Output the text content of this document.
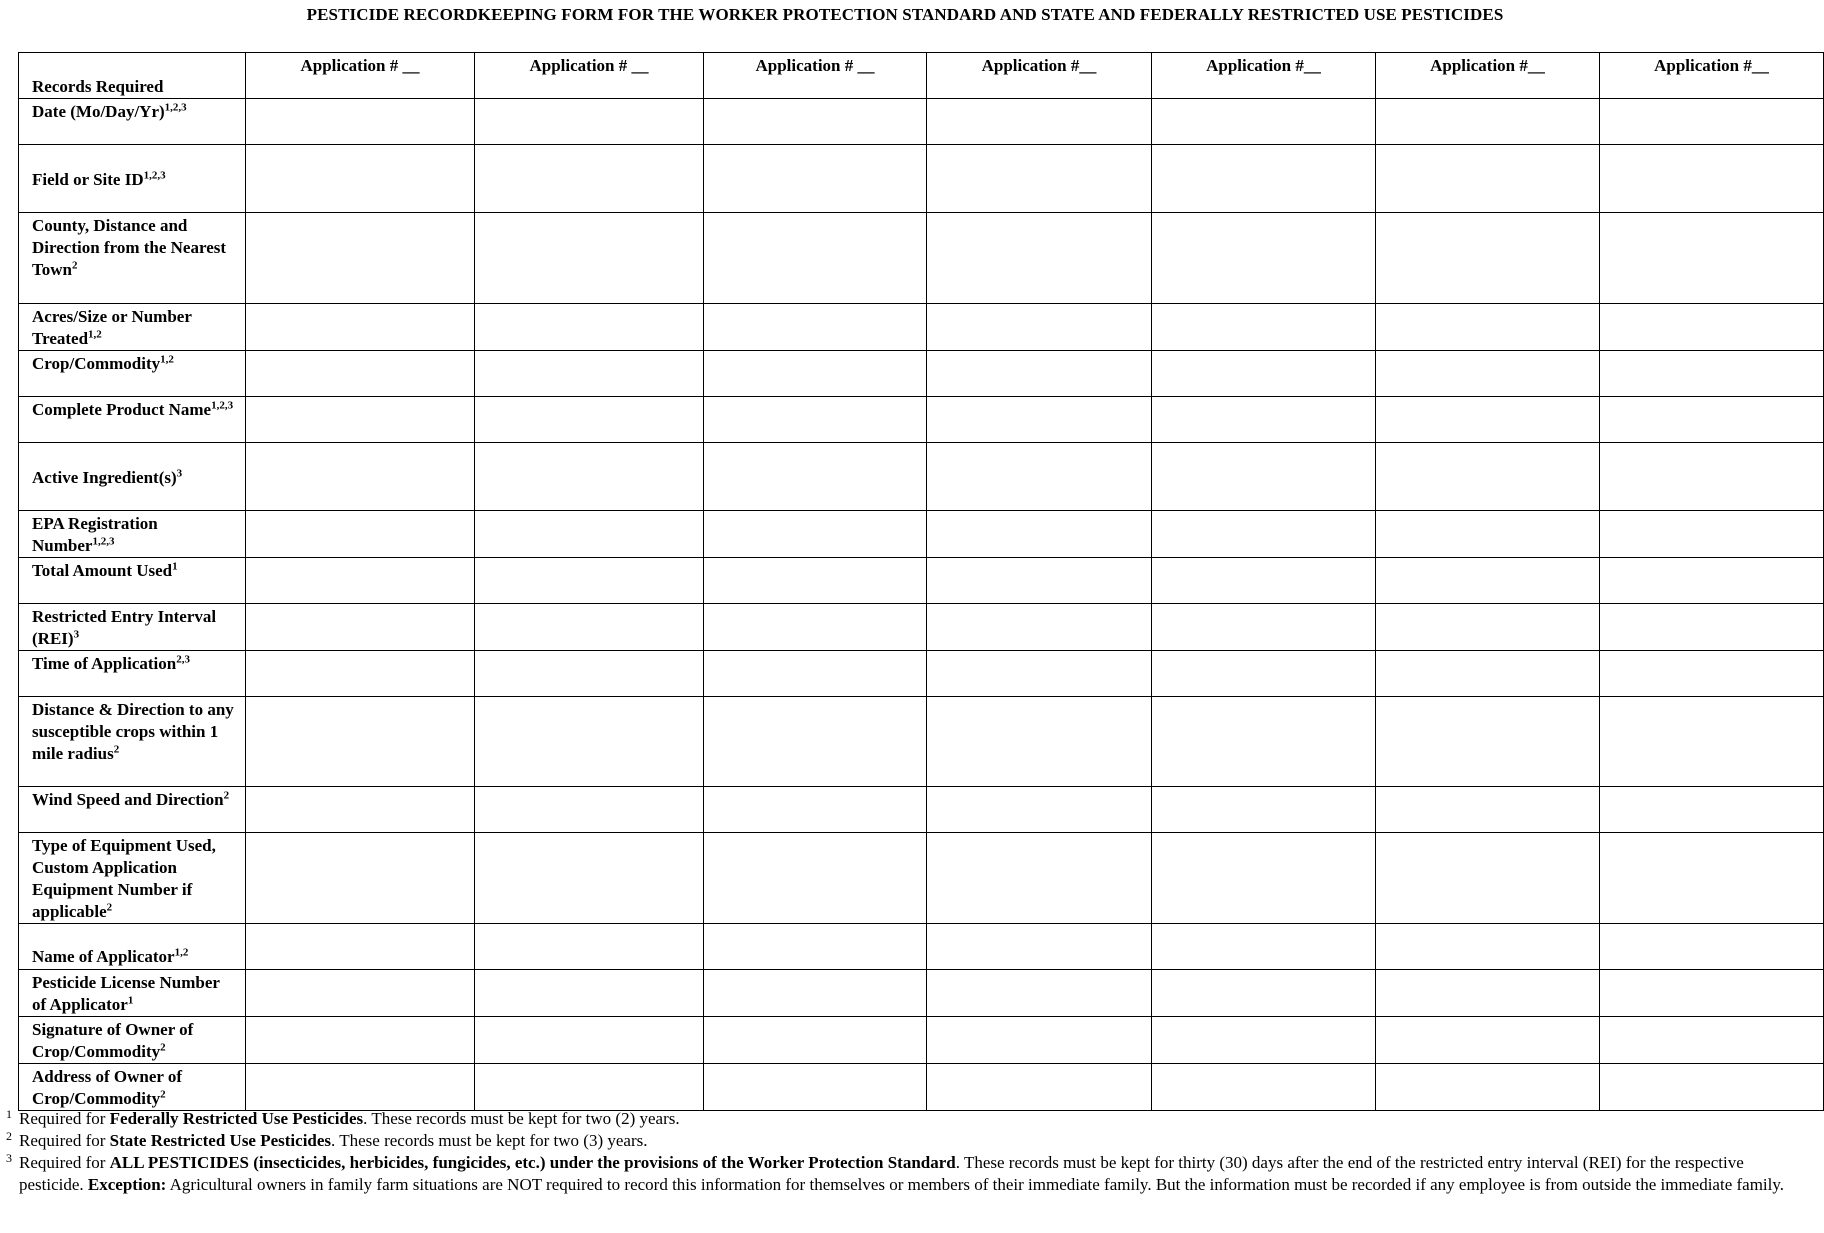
PESTICIDE RECORDKEEPING FORM FOR THE WORKER PROTECTION STANDARD AND STATE AND FEDERALLY RESTRICTED USE PESTICIDES
Records Required	Application # __	Application # __	Application # __	Application #__	Application #__	Application #__	Application #__
Date $(Mo/Day/Yr)^{1,2,3}$							
Field or Site ID$^{1,2,3}$							
County, Distance and Direction from the Nearest Town$^2$							
Acres/Size or Number Treated$^{1,2}$							
Crop/Commodity$^{1,2}$							
Complete Product Name$^{1,2,3}$							
Active $Ingredient(s)^3$							
EPA Registration Number$^{1,2,3}$							
Total Amount Used$^1$							
Restricted Entry Interval (REI)$^3$							
Time of Application$^{2,3}$							
Distance & Direction to any susceptible crops within 1 mile radius$^2$							
Wind Speed and Direction$^2$							
Type of Equipment Used, Custom Application Equipment Number if applicable$^2$							
Name of Applicator$^{1,2}$							
Pesticide License Number of Applicator$^1$							
Signature of Owner of Crop/Commodity$^2$							
Address of Owner of Crop/Commodity$^2$							
1 Required for Federally Restricted Use Pesticides. These records must be kept for two (2) years.
2 Required for State Restricted Use Pesticides. These records must be kept for two (3) years.
3 Required for ALL PESTICIDES (insecticides, herbicides, fungicides, etc.) under the provisions of the Worker Protection Standard. These records must be kept for thirty (30) days after the end of the restricted entry interval (REI) for the respective pesticide. Exception: Agricultural owners in family farm situations are NOT required to record this information for themselves or members of their immediate family. But the information must be recorded if any employee is from outside the immediate family.
